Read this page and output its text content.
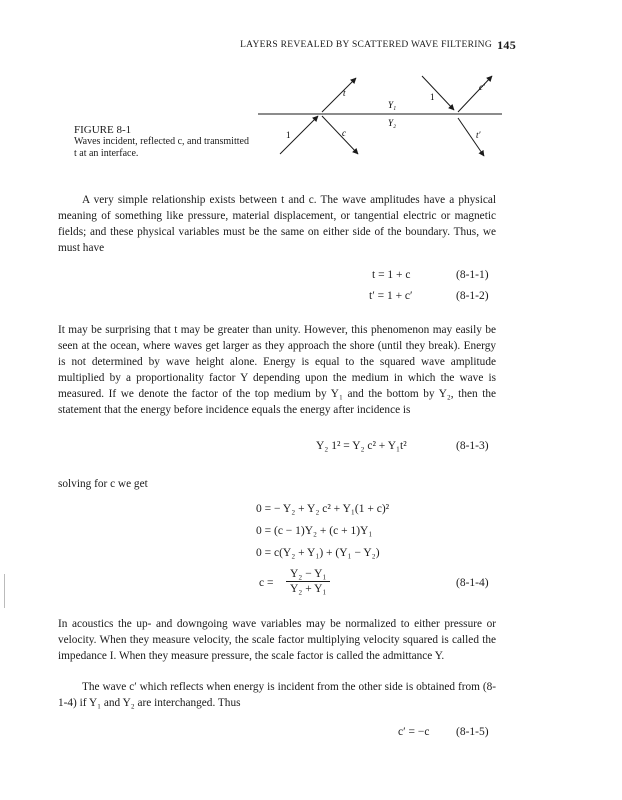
LAYERS REVEALED BY SCATTERED WAVE FILTERING 145
t
1	c
Y₁
Y₂
1
c′
t′
FIGURE 8-1
Waves incident, reflected c, and transmitted t at an interface.

A very simple relationship exists between t and c. The wave amplitudes have a physical meaning of something like pressure, material displacement, or tangential electric or magnetic fields; and these physical variables must be the same on either side of the boundary. Thus, we must have

t = 1 + c	(8-1-1)
t′ = 1 + c′	(8-1-2)

It may be surprising that t may be greater than unity. However, this phenomenon may easily be seen at the ocean, where waves get larger as they approach the shore (until they break). Energy is not determined by wave height alone. Energy is equal to the squared wave amplitude multiplied by a proportionality factor Y depending upon the medium in which the wave is measured. If we denote the factor of the top medium by Y₁ and the bottom by Y₂, then the statement that the energy before incidence equals the energy after incidence is

Y₂ 1² = Y₂ c² + Y₁t²	(8-1-3)

solving for c we get

0 = − Y₂ + Y₂ c² + Y₁(1 + c)²
0 = (c − 1)Y₂ + (c + 1)Y₁
0 = c(Y₂ + Y₁) + (Y₁ − Y₂)
$c = \frac{\text{Y₂ − Y₁}}{\text{Y₂ + Y₁}}$	(8-1-4)

In acoustics the up- and downgoing wave variables may be normalized to either pressure or velocity. When they measure velocity, the scale factor multiplying velocity squared is called the impedance I. When they measure pressure, the scale factor is called the admittance Y.

The wave c′ which reflects when energy is incident from the other side is obtained from (8-1-4) if Y₁ and Y₂ are interchanged. Thus

c′ = −c (8-1-5)
